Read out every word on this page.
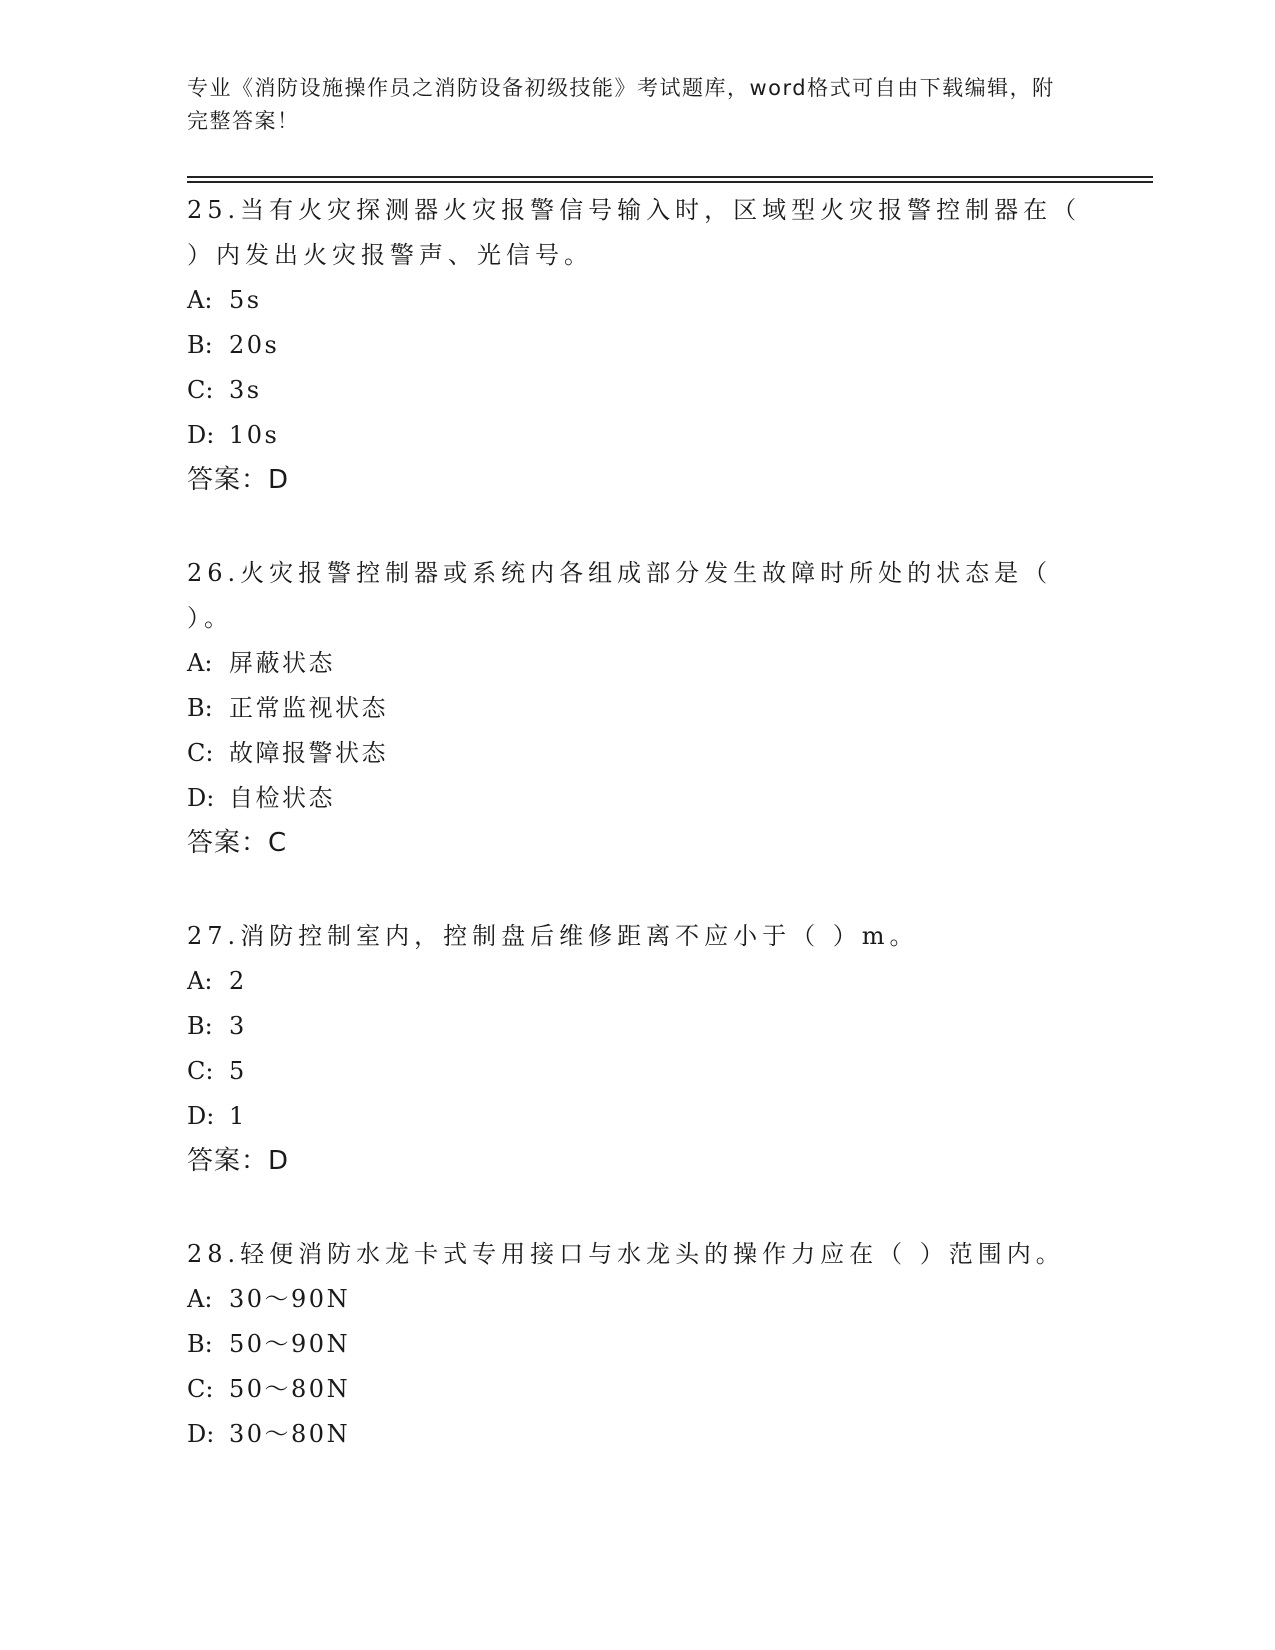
专业《消防设施操作员之消防设备初级技能》考试题库，word格式可自由下载编辑，附完整答案！

25.当有火灾探测器火灾报警信号输入时，区域型火灾报警控制器在（ ）内发出火灾报警声、光信号。

A: 5s

B: 20s

C: 3s

D: 10s

答案：D

26.火灾报警控制器或系统内各组成部分发生故障时所处的状态是（ ）。

A: 屏蔽状态

B: 正常监视状态

C: 故障报警状态

D: 自检状态

答案：C

27.消防控制室内，控制盘后维修距离不应小于（ ）m。

A: 2

B: 3

C: 5

D: 1

答案：D

28.轻便消防水龙卡式专用接口与水龙头的操作力应在（ ）范围内。

A: 30～90N

B: 50～90N

C: 50～80N

D: 30～80N
